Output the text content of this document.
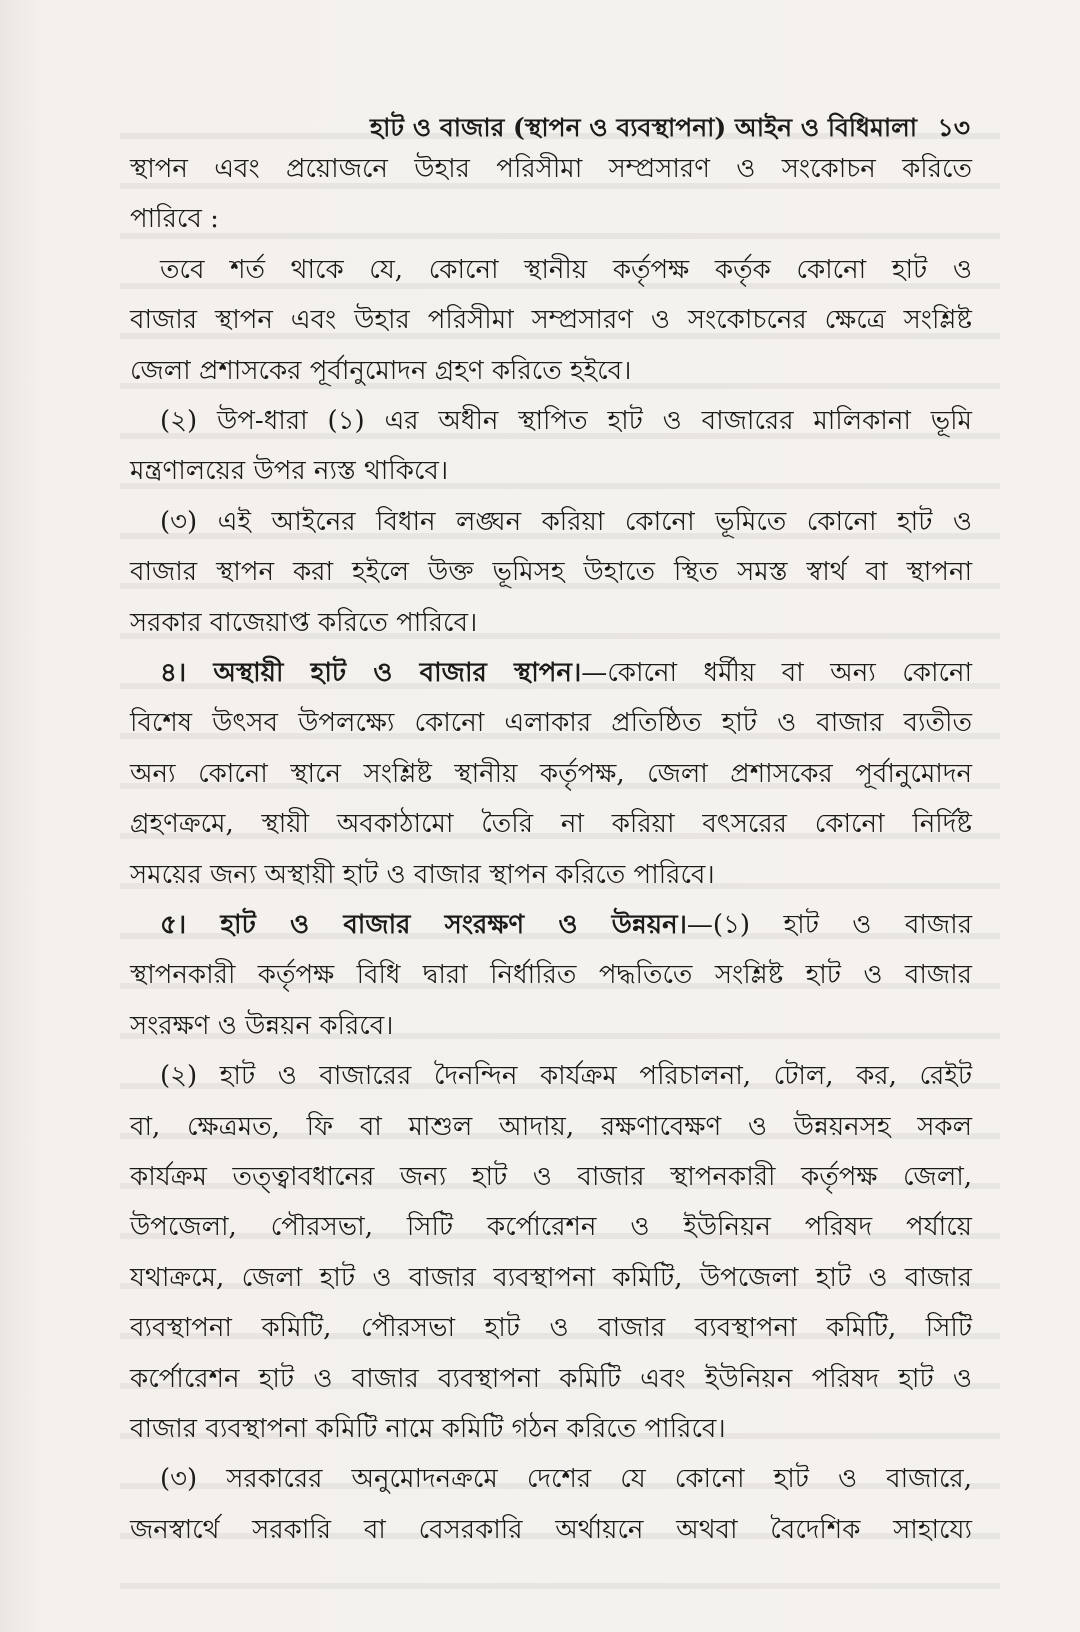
হাট ও বাজার (স্থাপন ও ব্যবস্থাপনা) আইন ও বিধিমালা ১৩
স্থাপন এবং প্রয়োজনে উহার পরিসীমা সম্প্রসারণ ও সংকোচন করিতে
পারিবে :
তবে শর্ত থাকে যে, কোনো স্থানীয় কর্তৃপক্ষ কর্তৃক কোনো হাট ও
বাজার স্থাপন এবং উহার পরিসীমা সম্প্রসারণ ও সংকোচনের ক্ষেত্রে সংশ্লিষ্ট
জেলা প্রশাসকের পূর্বানুমোদন গ্রহণ করিতে হইবে।
(২) উপ-ধারা (১) এর অধীন স্থাপিত হাট ও বাজারের মালিকানা ভূমি
মন্ত্রণালয়ের উপর ন্যস্ত থাকিবে।
(৩) এই আইনের বিধান লঙ্ঘন করিয়া কোনো ভূমিতে কোনো হাট ও
বাজার স্থাপন করা হইলে উক্ত ভূমিসহ উহাতে স্থিত সমস্ত স্বার্থ বা স্থাপনা
সরকার বাজেয়াপ্ত করিতে পারিবে।
৪। অস্থায়ী হাট ও বাজার স্থাপন।—কোনো ধর্মীয় বা অন্য কোনো
বিশেষ উৎসব উপলক্ষ্যে কোনো এলাকার প্রতিষ্ঠিত হাট ও বাজার ব্যতীত
অন্য কোনো স্থানে সংশ্লিষ্ট স্থানীয় কর্তৃপক্ষ, জেলা প্রশাসকের পূর্বানুমোদন
গ্রহণক্রমে, স্থায়ী অবকাঠামো তৈরি না করিয়া বৎসরের কোনো নির্দিষ্ট
সময়ের জন্য অস্থায়ী হাট ও বাজার স্থাপন করিতে পারিবে।
৫। হাট ও বাজার সংরক্ষণ ও উন্নয়ন।—(১) হাট ও বাজার
স্থাপনকারী কর্তৃপক্ষ বিধি দ্বারা নির্ধারিত পদ্ধতিতে সংশ্লিষ্ট হাট ও বাজার
সংরক্ষণ ও উন্নয়ন করিবে।
(২) হাট ও বাজারের দৈনন্দিন কার্যক্রম পরিচালনা, টোল, কর, রেইট
বা, ক্ষেত্রমত, ফি বা মাশুল আদায়, রক্ষণাবেক্ষণ ও উন্নয়নসহ সকল
কার্যক্রম তত্ত্বাবধানের জন্য হাট ও বাজার স্থাপনকারী কর্তৃপক্ষ জেলা,
উপজেলা, পৌরসভা, সিটি কর্পোরেশন ও ইউনিয়ন পরিষদ পর্যায়ে
যথাক্রমে, জেলা হাট ও বাজার ব্যবস্থাপনা কমিটি, উপজেলা হাট ও বাজার
ব্যবস্থাপনা কমিটি, পৌরসভা হাট ও বাজার ব্যবস্থাপনা কমিটি, সিটি
কর্পোরেশন হাট ও বাজার ব্যবস্থাপনা কমিটি এবং ইউনিয়ন পরিষদ হাট ও
বাজার ব্যবস্থাপনা কমিটি নামে কমিটি গঠন করিতে পারিবে।
(৩) সরকারের অনুমোদনক্রমে দেশের যে কোনো হাট ও বাজারে,
জনস্বার্থে সরকারি বা বেসরকারি অর্থায়নে অথবা বৈদেশিক সাহায্যে
